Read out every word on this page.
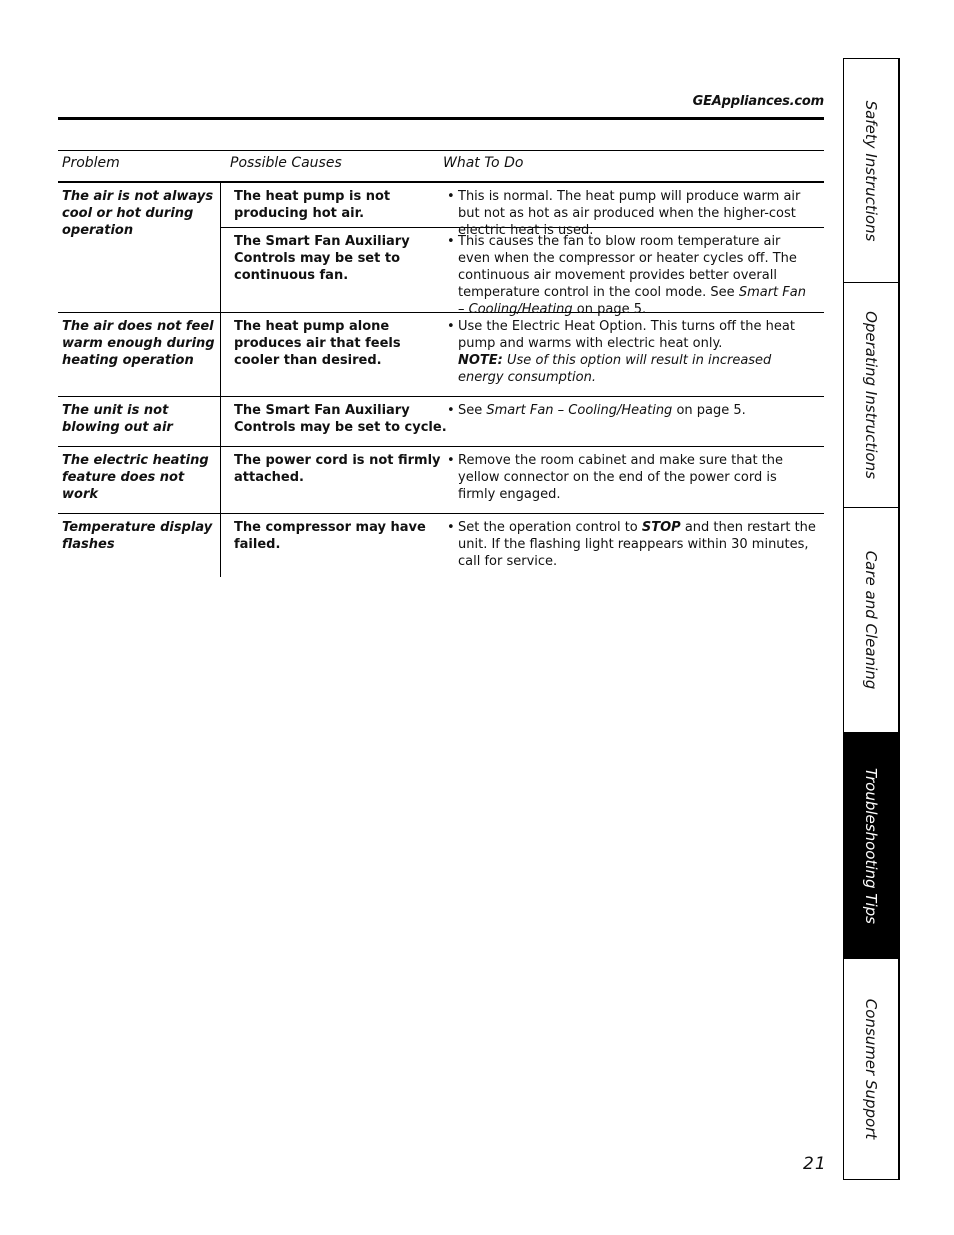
GEAppliances.com
Problem	Possible Causes	What To Do
The air is not always cool or hot during operation
The heat pump is not producing hot air.
• This is normal. The heat pump will produce warm air but not as hot as air produced when the higher-cost electric heat is used.
The Smart Fan Auxiliary Controls may be set to continuous fan.
• This causes the fan to blow room temperature air even when the compressor or heater cycles off. The continuous air movement provides better overall temperature control in the cool mode. See Smart Fan – Cooling/Heating on page 5.
The air does not feel warm enough during heating operation
The heat pump alone produces air that feels cooler than desired.
• Use the Electric Heat Option. This turns off the heat pump and warms with electric heat only.
NOTE: Use of this option will result in increased energy consumption.
The unit is not blowing out air
The Smart Fan Auxiliary Controls may be set to cycle.
• See Smart Fan – Cooling/Heating on page 5.
The electric heating feature does not work
The power cord is not firmly attached.
• Remove the room cabinet and make sure that the yellow connector on the end of the power cord is firmly engaged.
Temperature display flashes
The compressor may have failed.
• Set the operation control to STOP and then restart the unit. If the flashing light reappears within 30 minutes, call for service.
Safety Instructions
Operating Instructions
Care and Cleaning
Troubleshooting Tips
Consumer Support
21
